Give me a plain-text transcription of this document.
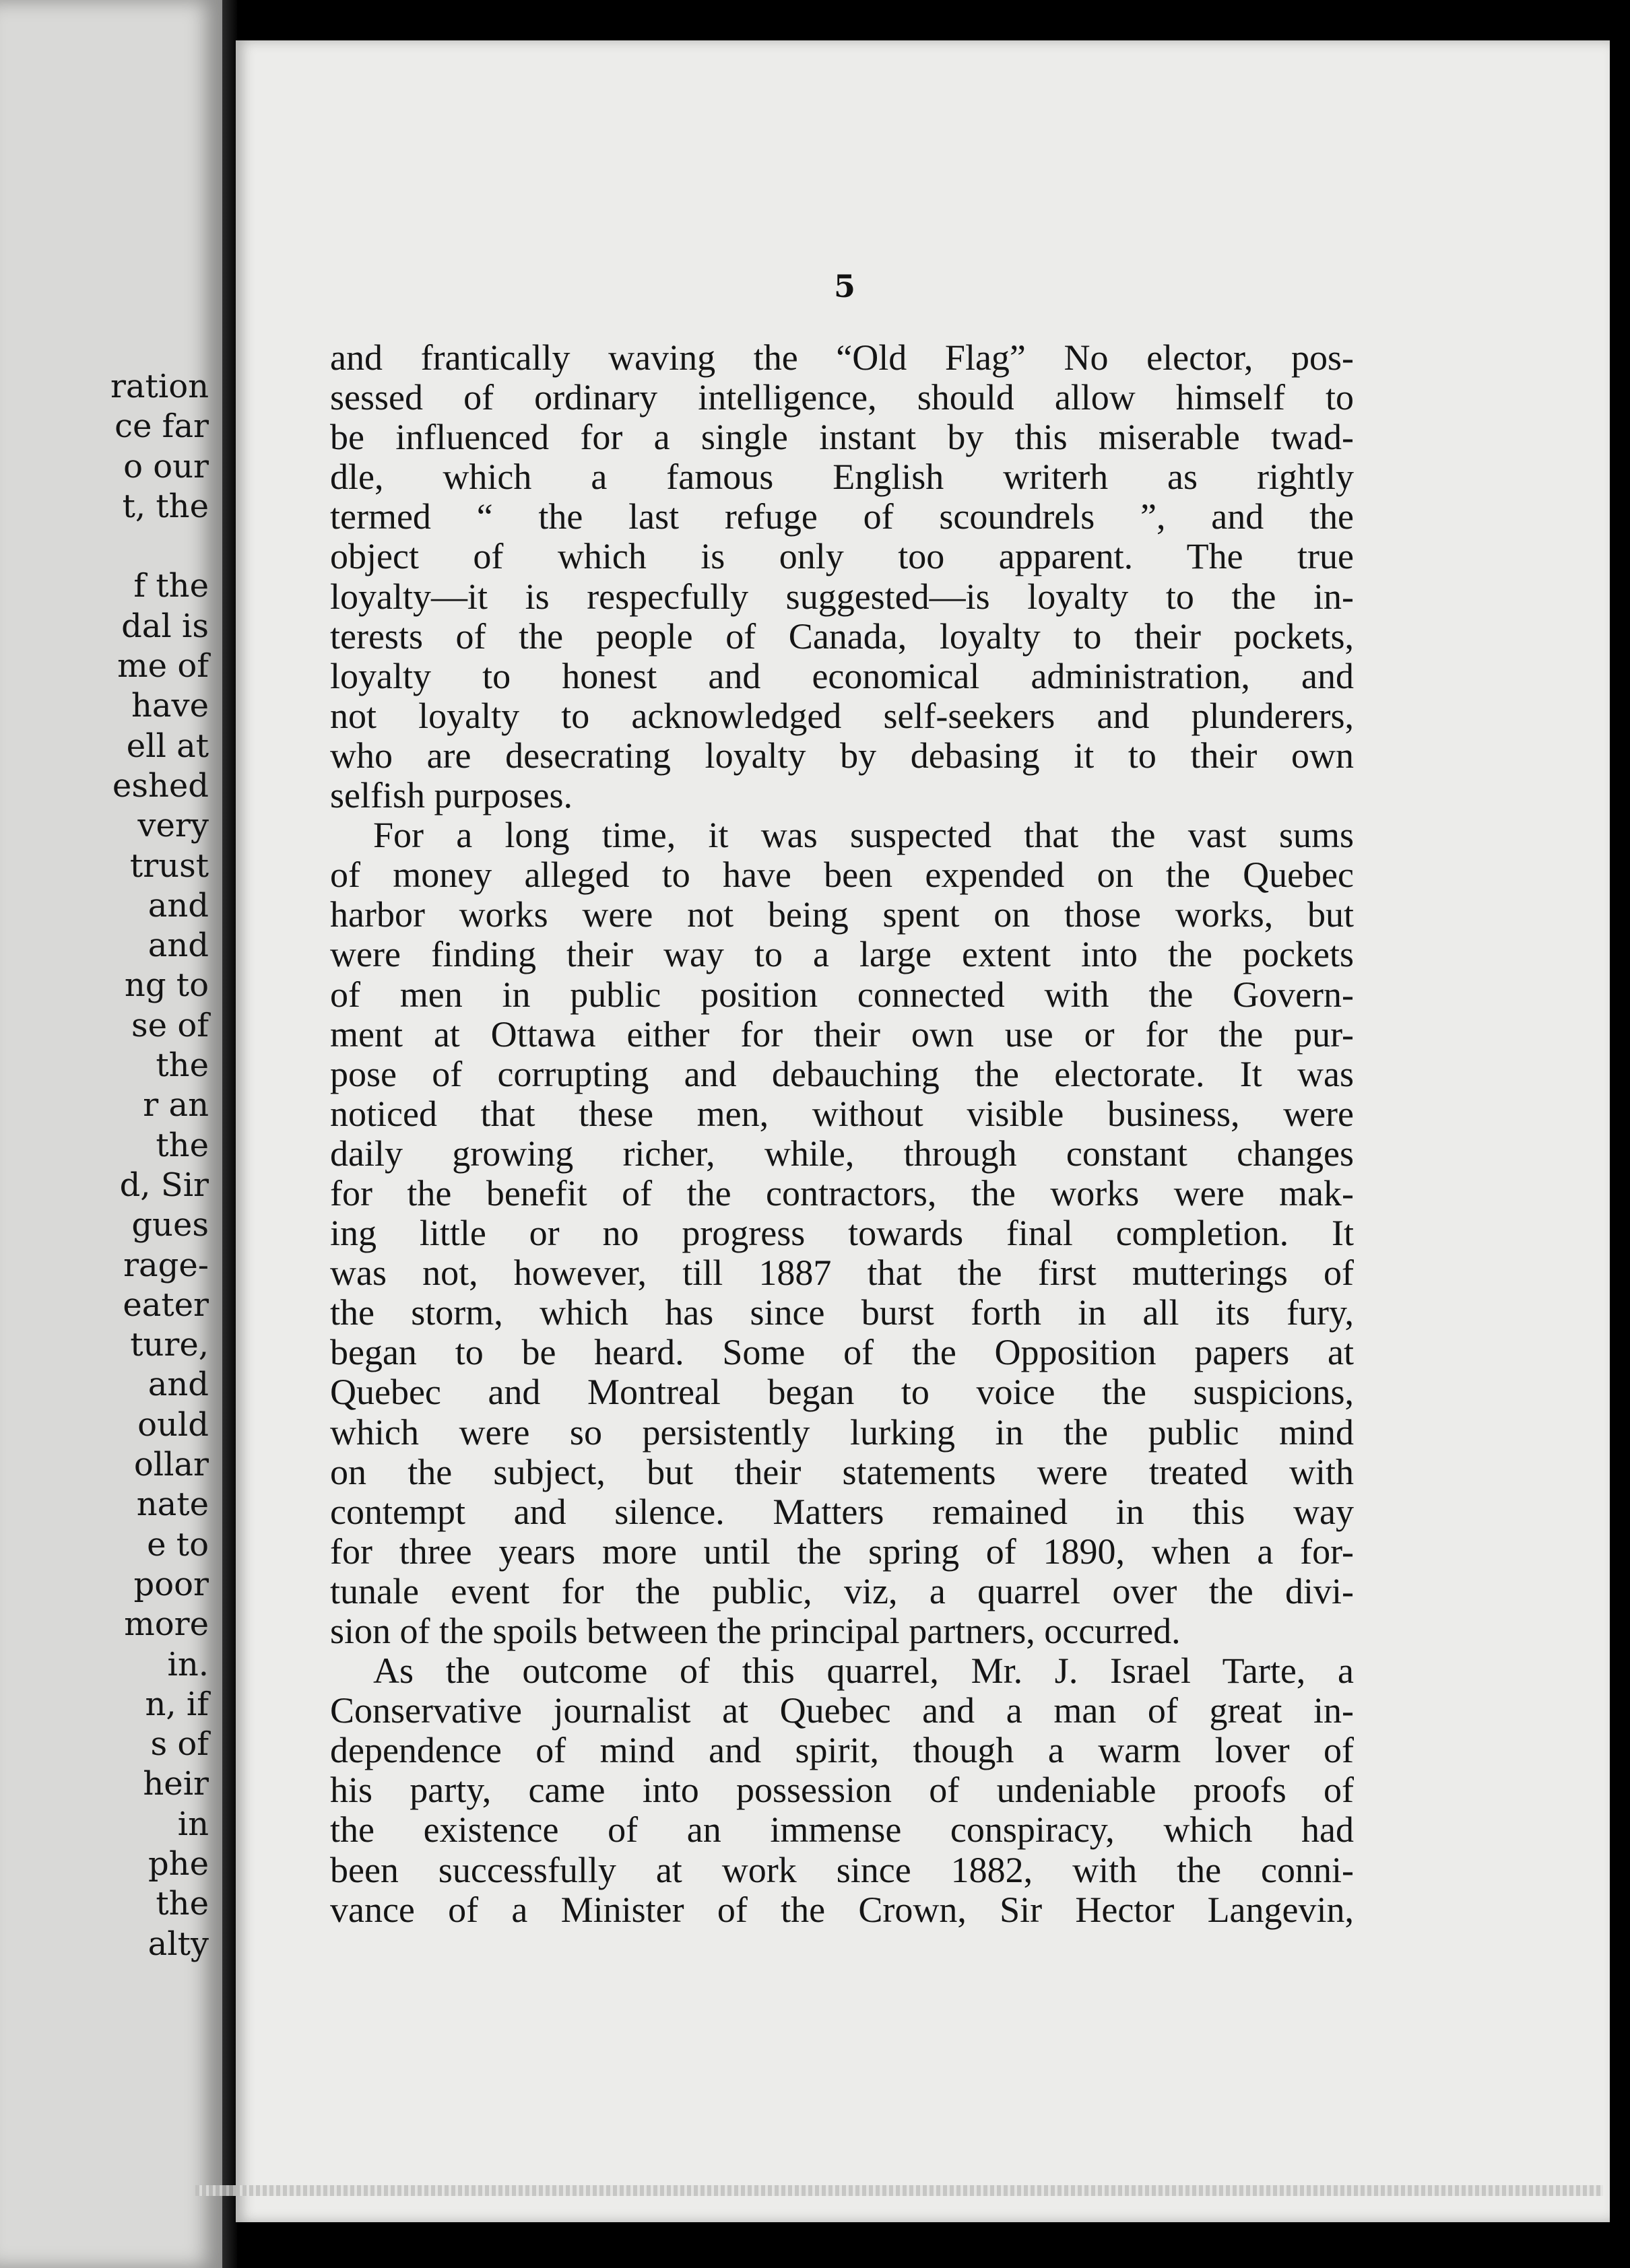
ration
ce far
o our
t, the
f the
dal is
me of
have
ell at
eshed
very
trust
and
and
ng to
se of
the
r an
the
d, Sir
gues
rage-
eater
ture,
and
ould
ollar
nate
e to
poor
more
in.
n, if
s of
heir
in
phe
the
alty
5
and frantically waving the “Old Flag” No elector, pos-
sessed of ordinary intelligence, should allow himself to
be influenced for a single instant by this miserable twad-
dle, which a famous English writerh as rightly
termed “ the last refuge of scoundrels ”, and the
object of which is only too apparent. The true
loyalty—it is respecfully suggested—is loyalty to the in-
terests of the people of Canada, loyalty to their pockets,
loyalty to honest and economical administration, and
not loyalty to acknowledged self-seekers and plunderers,
who are desecrating loyalty by debasing it to their own
selfish purposes.
For a long time, it was suspected that the vast sums
of money alleged to have been expended on the Quebec
harbor works were not being spent on those works, but
were finding their way to a large extent into the pockets
of men in public position connected with the Govern-
ment at Ottawa either for their own use or for the pur-
pose of corrupting and debauching the electorate. It was
noticed that these men, without visible business, were
daily growing richer, while, through constant changes
for the benefit of the contractors, the works were mak-
ing little or no progress towards final completion. It
was not, however, till 1887 that the first mutterings of
the storm, which has since burst forth in all its fury,
began to be heard. Some of the Opposition papers at
Quebec and Montreal began to voice the suspicions,
which were so persistently lurking in the public mind
on the subject, but their statements were treated with
contempt and silence. Matters remained in this way
for three years more until the spring of 1890, when a for-
tunale event for the public, viz, a quarrel over the divi-
sion of the spoils between the principal partners, occurred.
As the outcome of this quarrel, Mr. J. Israel Tarte, a
Conservative journalist at Quebec and a man of great in-
dependence of mind and spirit, though a warm lover of
his party, came into possession of undeniable proofs of
the existence of an immense conspiracy, which had
been successfully at work since 1882, with the conni-
vance of a Minister of the Crown, Sir Hector Langevin,
